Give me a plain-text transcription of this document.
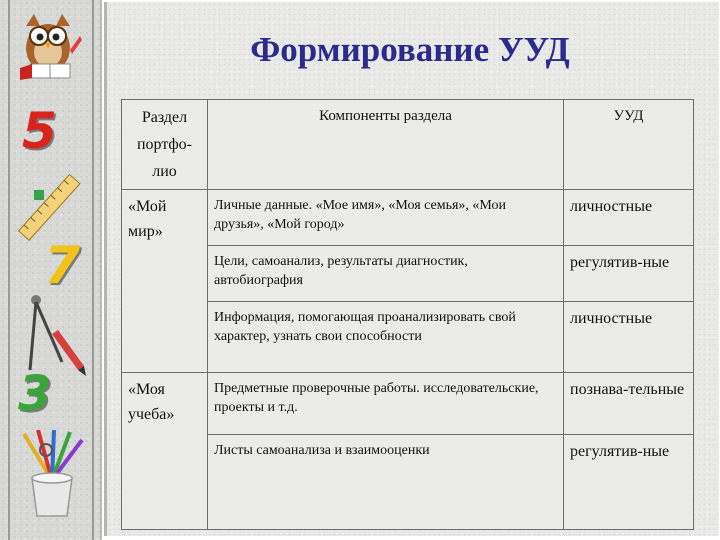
5
7
3
Формирование УУД
Раздел портфо-лио	Компоненты раздела	УУД
«Мой мир»	Личные данные. «Мое имя», «Моя семья», «Мои друзья», «Мой город»	личностные
	Цели, самоанализ, результаты диагностик, автобиография	регулятив-ные
	Информация, помогающая проанализировать свой характер, узнать свои способности	личностные
«Моя учеба»	Предметные проверочные работы. исследовательские, проекты и т.д.	познава-тельные
	Листы самоанализа и взаимооценки	регулятив-ные
